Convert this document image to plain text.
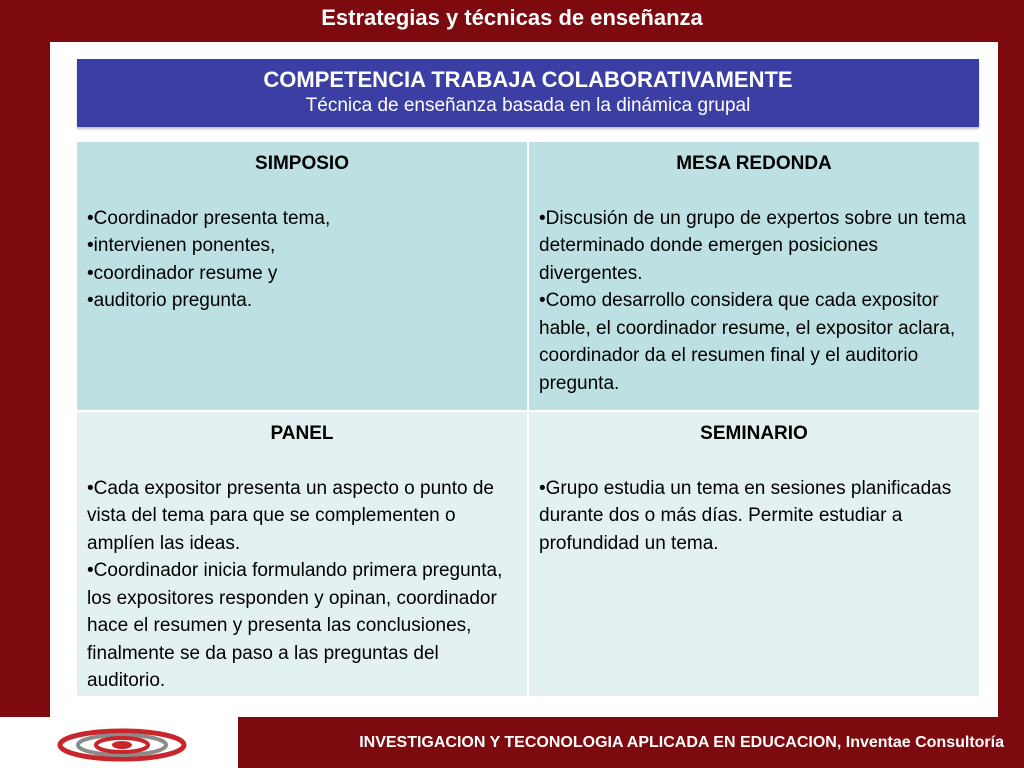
Estrategias y técnicas de enseñanza
COMPETENCIA TRABAJA COLABORATIVAMENTE
Técnica de enseñanza basada en la dinámica grupal
SIMPOSIO
•Coordinador presenta tema,
•intervienen ponentes,
•coordinador resume y
•auditorio pregunta.
MESA REDONDA
•Discusión de un grupo de expertos sobre un tema determinado donde emergen posiciones divergentes.
•Como desarrollo considera que cada expositor hable, el coordinador resume, el expositor aclara, coordinador da el resumen final y el auditorio pregunta.
PANEL
•Cada expositor presenta un aspecto o punto de vista del tema para que se complementen o amplíen las ideas.
•Coordinador inicia formulando primera pregunta, los expositores responden y opinan, coordinador hace el resumen y presenta las conclusiones, finalmente se da paso a las preguntas del auditorio.
SEMINARIO
•Grupo estudia un tema en sesiones planificadas durante dos o más días. Permite estudiar a profundidad un tema.
INVESTIGACION Y TECONOLOGIA APLICADA EN EDUCACION, Inventae Consultoría
